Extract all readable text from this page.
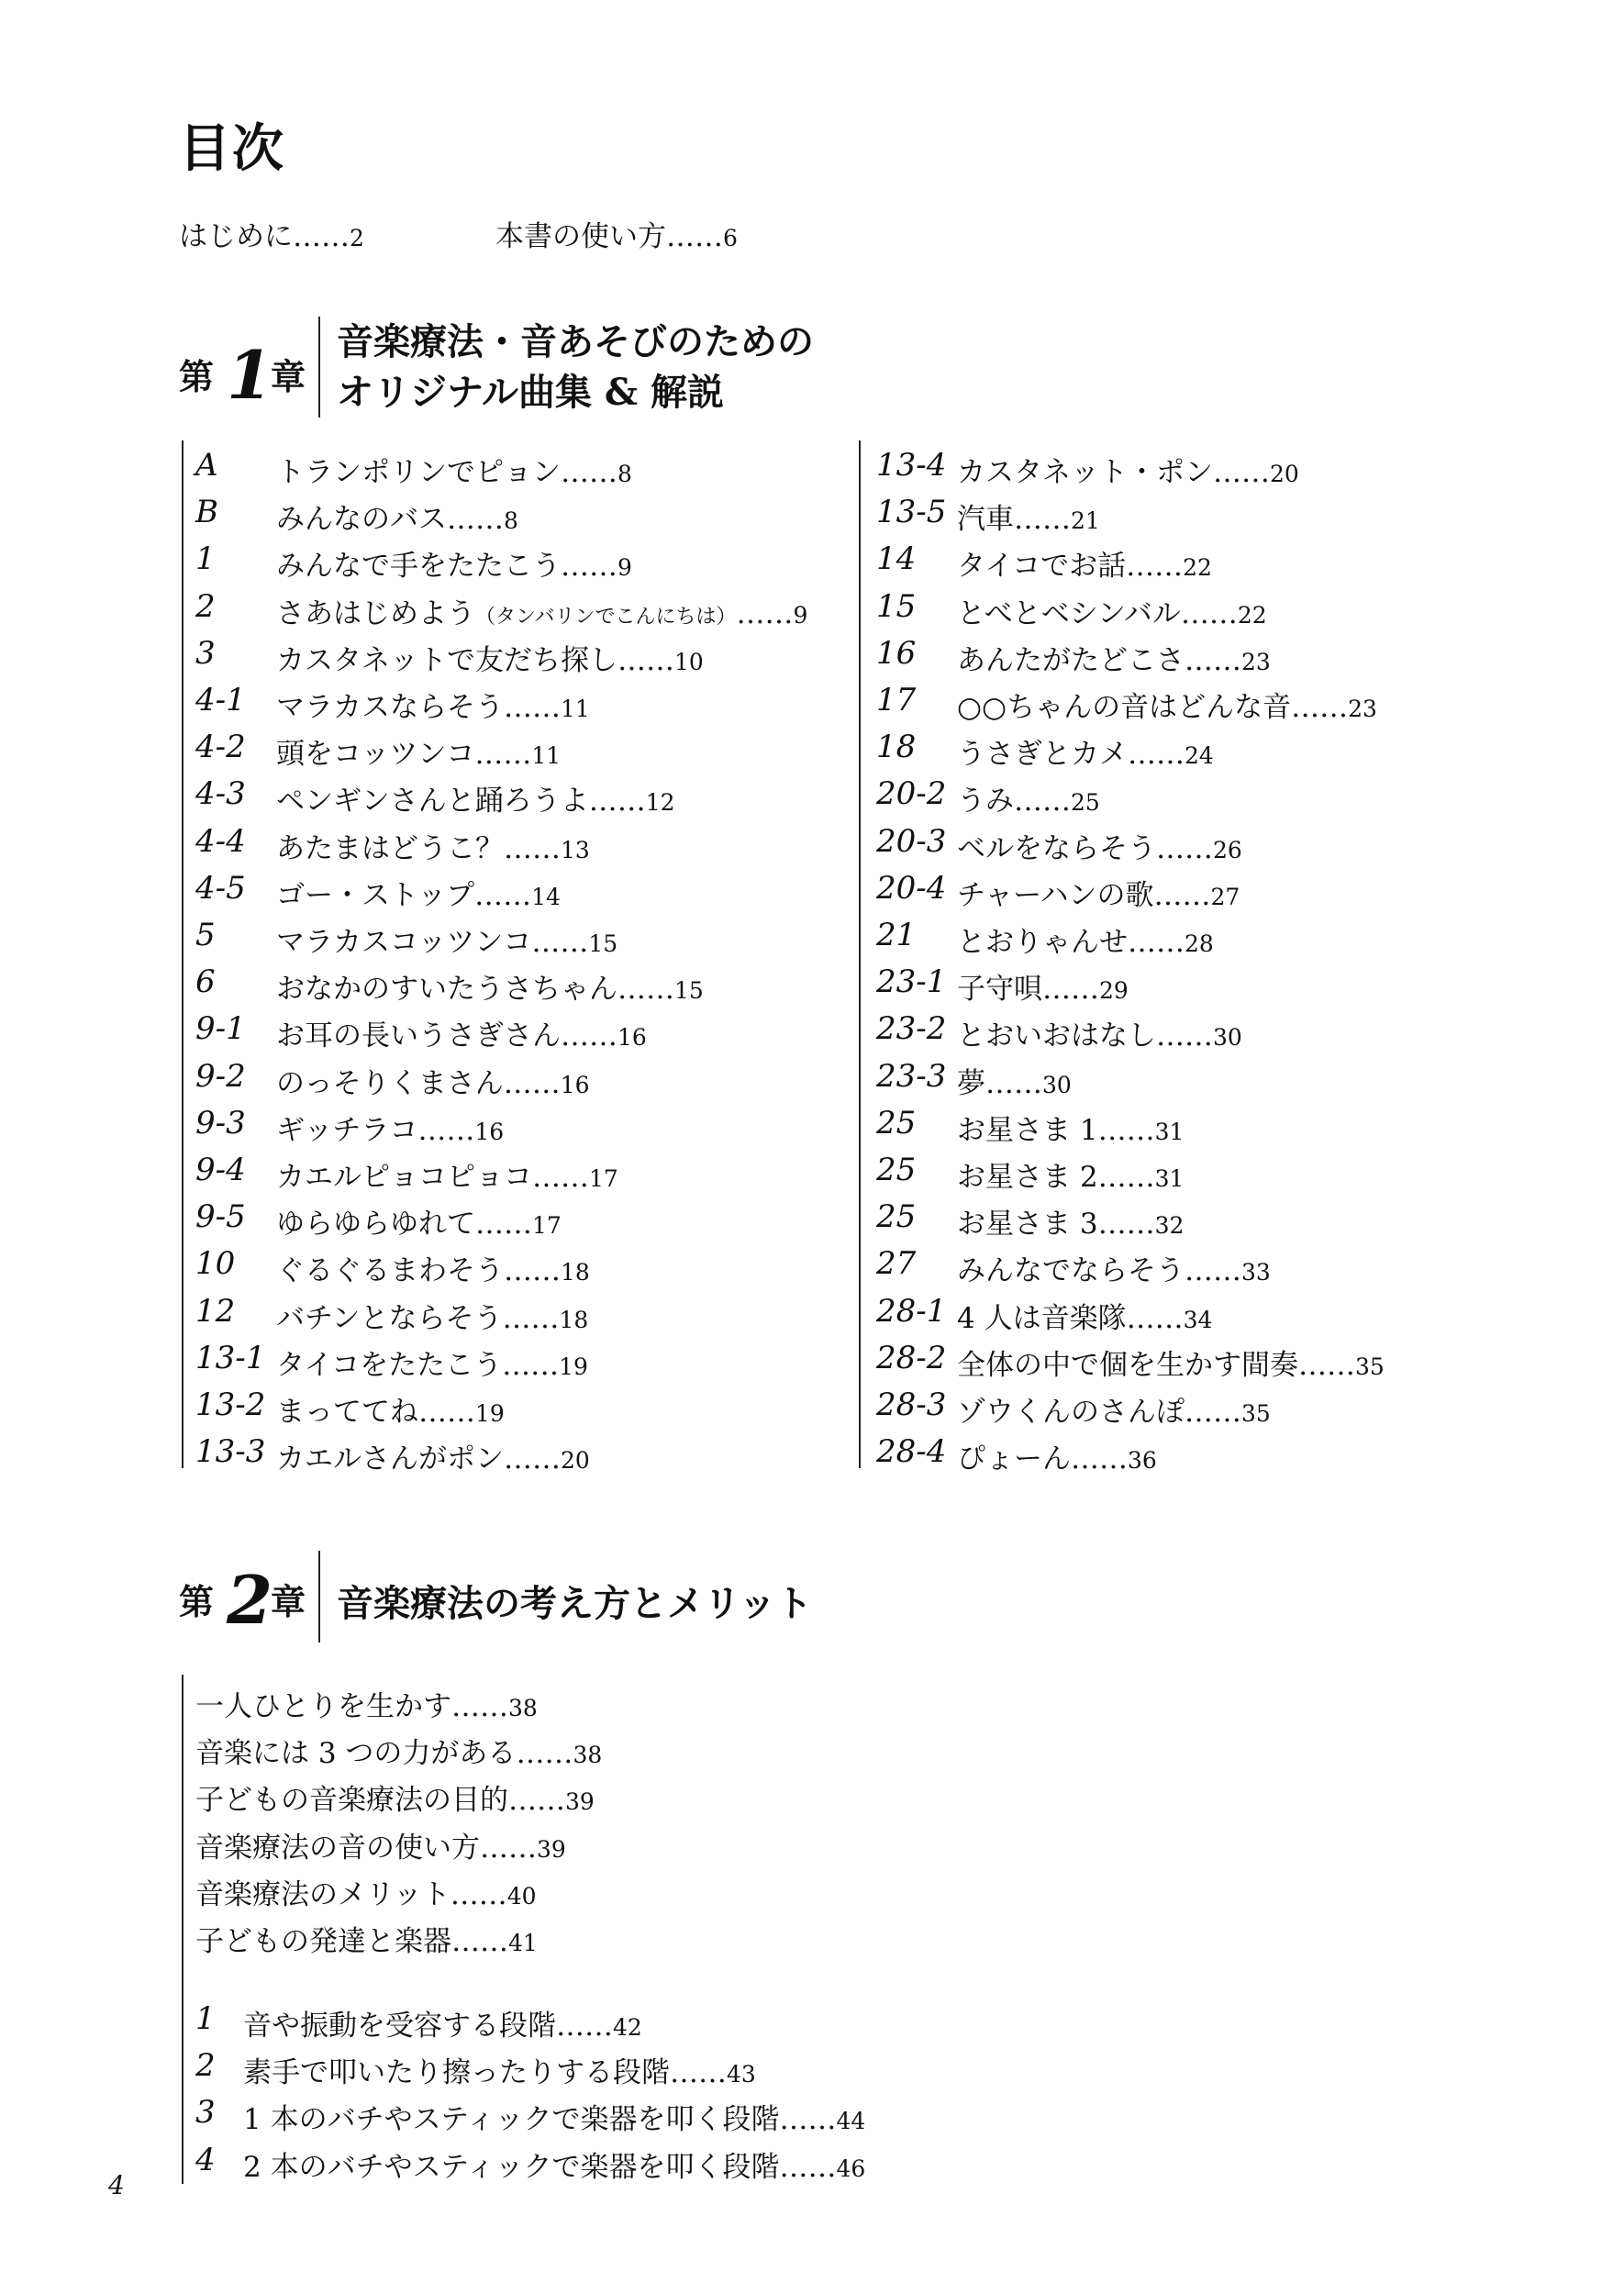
目次
はじめに……2	本書の使い方……6
第 1
章
音楽療法・音あそびのための
オリジナル曲集 & 解説
A トランポリンでピョン……8
B みんなのバス……8
1 みんなで手をたたこう……9
2 さあはじめよう（タンバリンでこんにちは）……9
3 カスタネットで友だち探し……10
4-1 マラカスならそう……11
4-2 頭をコッツンコ……11
4-3 ペンギンさんと踊ろうよ……12
4-4 あたまはどうこ？……13
4-5 ゴー・ストップ……14
5 マラカスコッツンコ……15
6 おなかのすいたうさちゃん……15
9-1 お耳の長いうさぎさん……16
9-2 のっそりくまさん……16
9-3 ギッチラコ……16
9-4 カエルピョコピョコ……17
9-5 ゆらゆらゆれて……17
10 ぐるぐるまわそう……18
12 バチンとならそう……18
13-1 タイコをたたこう……19
13-2 まっててね……19
13-3 カエルさんがポン……20
13-4 カスタネット・ポン……20
13-5 汽車……21
14 タイコでお話……22
15 とべとベシンバル……22
16 あんたがたどこさ……23
17 ○○ちゃんの音はどんな音……23
18 うさぎとカメ……24
20-2 うみ……25
20-3 ベルをならそう……26
20-4 チャーハンの歌……27
21 とおりゃんせ……28
23-1 子守唄……29
23-2 とおいおはなし……30
23-3 夢……30
25 お星さま 1……31
25 お星さま 2……31
25 お星さま 3……32
27 みんなでならそう……33
28-1 4 人は音楽隊……34
28-2 全体の中で個を生かす間奏……35
28-3 ゾウくんのさんぽ……35
28-4 ぴょーん……36
第 2
章 音楽療法の考え方とメリット
一人ひとりを生かす……38
音楽には 3 つの力がある……38
子どもの音楽療法の目的……39
音楽療法の音の使い方……39
音楽療法のメリット……40
子どもの発達と楽器……41
1 音や振動を受容する段階……42
2 素手で叩いたり擦ったりする段階……43
3 1 本のバチやスティックで楽器を叩く段階……44
4 2 本のバチやスティックで楽器を叩く段階……46
4
